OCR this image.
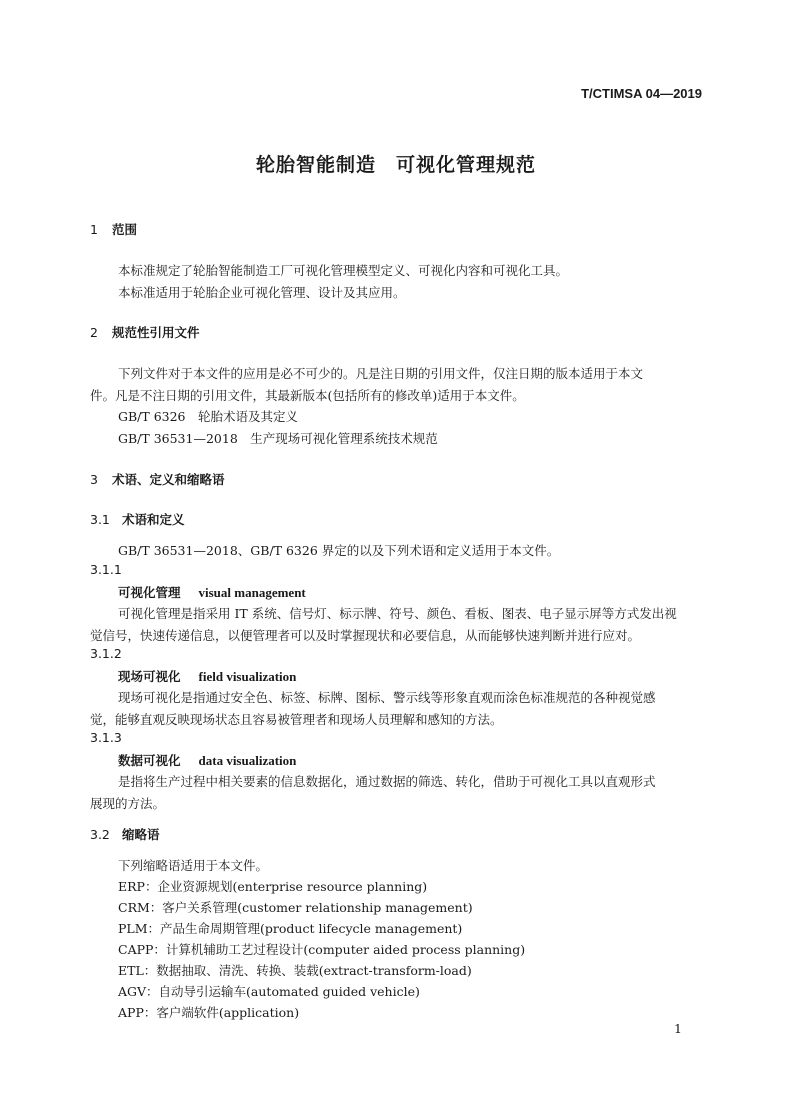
T/CTIMSA 04—2019
轮胎智能制造　可视化管理规范
1 范围
本标准规定了轮胎智能制造工厂可视化管理模型定义、可视化内容和可视化工具。
本标准适用于轮胎企业可视化管理、设计及其应用。
2 规范性引用文件
下列文件对于本文件的应用是必不可少的。凡是注日期的引用文件，仅注日期的版本适用于本文
件。凡是不注日期的引用文件，其最新版本(包括所有的修改单)适用于本文件。
GB/T 6326　轮胎术语及其定义
GB/T 36531—2018　生产现场可视化管理系统技术规范
3 术语、定义和缩略语
3.1 术语和定义
GB/T 36531—2018、GB/T 6326 界定的以及下列术语和定义适用于本文件。
3.1.1
可视化管理 visual management
可视化管理是指采用 IT 系统、信号灯、标示牌、符号、颜色、看板、图表、电子显示屏等方式发出视
觉信号，快速传递信息，以便管理者可以及时掌握现状和必要信息，从而能够快速判断并进行应对。
3.1.2
现场可视化 field visualization
现场可视化是指通过安全色、标签、标牌、图标、警示线等形象直观而涂色标准规范的各种视觉感
觉，能够直观反映现场状态且容易被管理者和现场人员理解和感知的方法。
3.1.3
数据可视化 data visualization
是指将生产过程中相关要素的信息数据化，通过数据的筛选、转化，借助于可视化工具以直观形式
展现的方法。
3.2 缩略语
下列缩略语适用于本文件。
ERP：企业资源规划(enterprise resource planning)
CRM：客户关系管理(customer relationship management)
PLM：产品生命周期管理(product lifecycle management)
CAPP：计算机辅助工艺过程设计(computer aided process planning)
ETL：数据抽取、清洗、转换、装载(extract-transform-load)
AGV：自动导引运输车(automated guided vehicle)
APP：客户端软件(application)
1
